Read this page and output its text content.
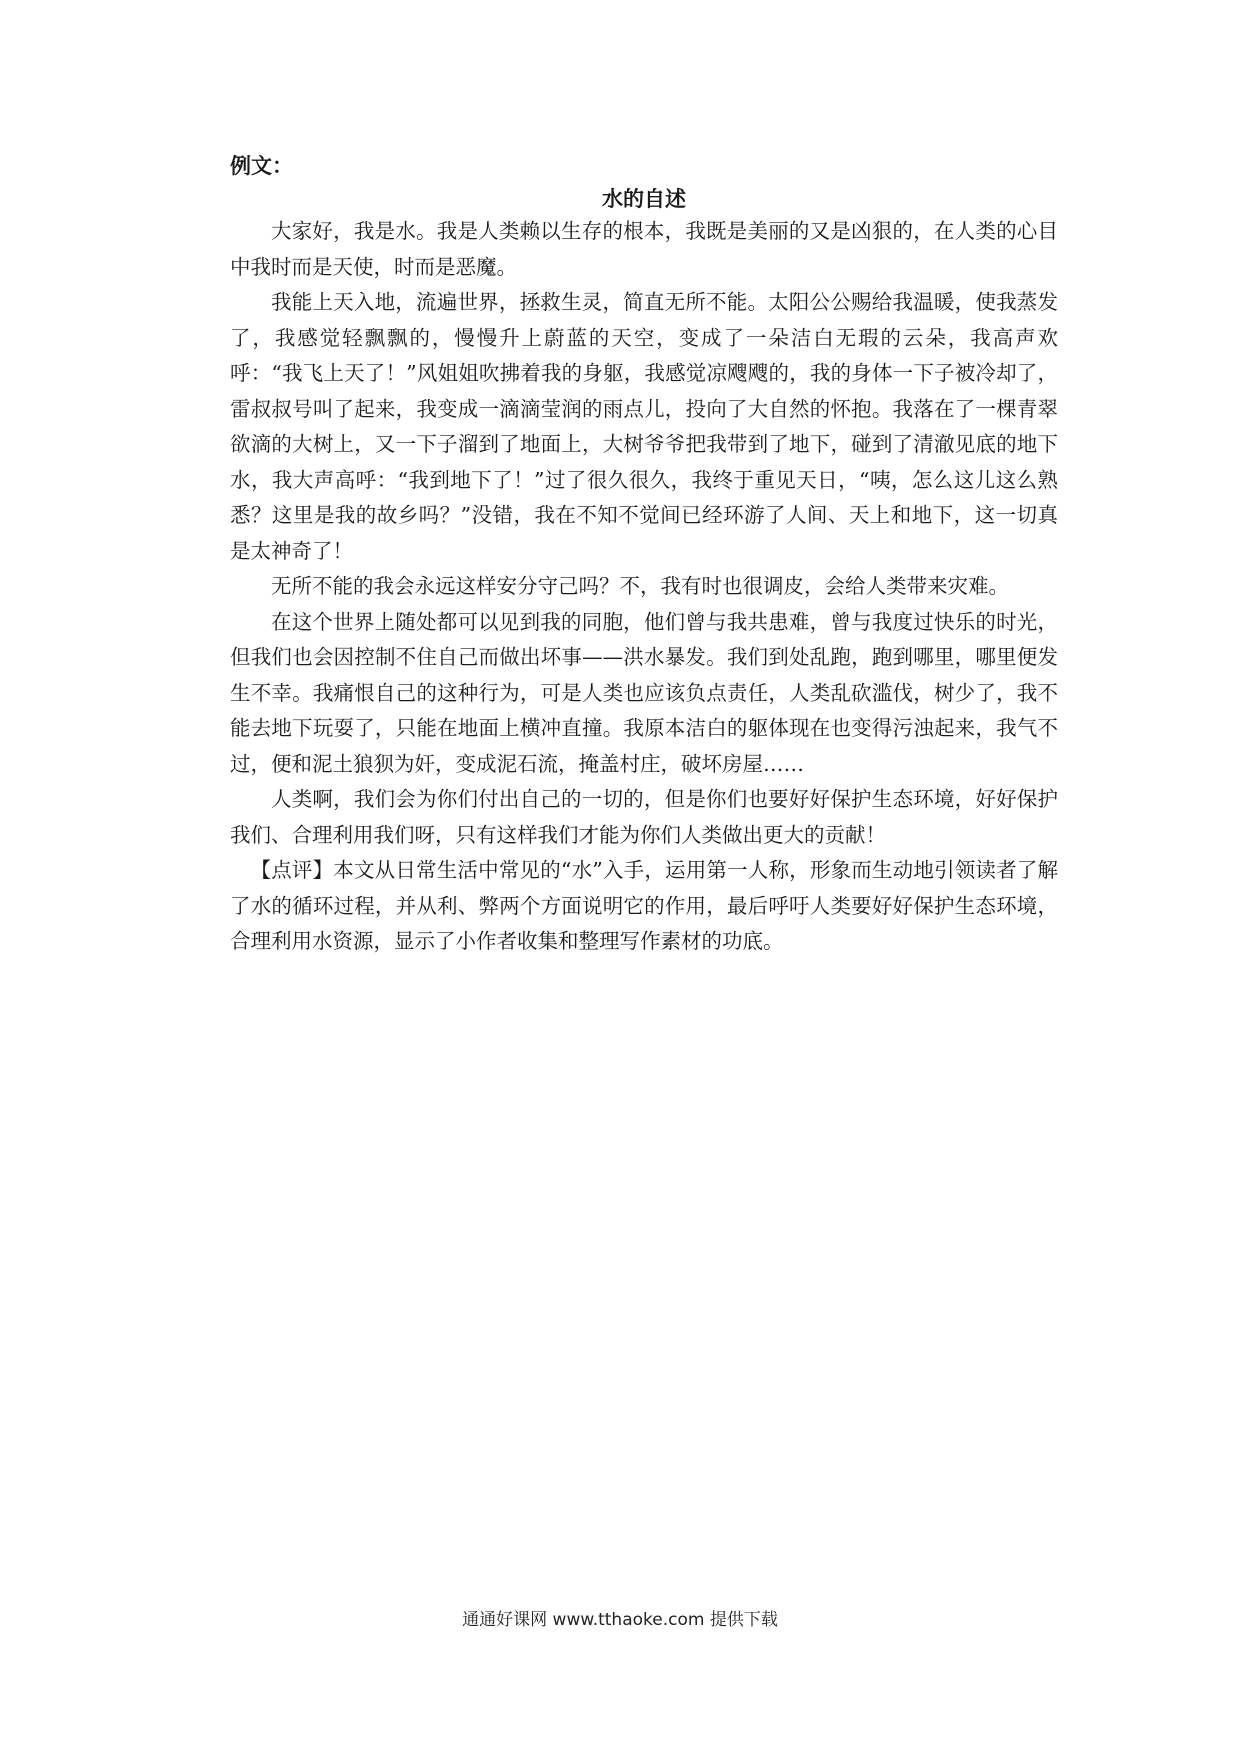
例文：
水的自述

大家好，我是水。我是人类赖以生存的根本，我既是美丽的又是凶狠的，在人类的心目中我时而是天使，时而是恶魔。

我能上天入地，流遍世界，拯救生灵，简直无所不能。太阳公公赐给我温暖，使我蒸发了，我感觉轻飘飘的，慢慢升上蔚蓝的天空，变成了一朵洁白无瑕的云朵，我高声欢呼：“我飞上天了！”风姐姐吹拂着我的身躯，我感觉凉飕飕的，我的身体一下子被冷却了，雷叔叔号叫了起来，我变成一滴滴莹润的雨点儿，投向了大自然的怀抱。我落在了一棵青翠欲滴的大树上，又一下子溜到了地面上，大树爷爷把我带到了地下，碰到了清澈见底的地下水，我大声高呼：“我到地下了！”过了很久很久，我终于重见天日，“咦，怎么这儿这么熟悉？这里是我的故乡吗？”没错，我在不知不觉间已经环游了人间、天上和地下，这一切真是太神奇了！

无所不能的我会永远这样安分守己吗？不，我有时也很调皮，会给人类带来灾难。

在这个世界上随处都可以见到我的同胞，他们曾与我共患难，曾与我度过快乐的时光，但我们也会因控制不住自己而做出坏事——洪水暴发。我们到处乱跑，跑到哪里，哪里便发生不幸。我痛恨自己的这种行为，可是人类也应该负点责任，人类乱砍滥伐，树少了，我不能去地下玩耍了，只能在地面上横冲直撞。我原本洁白的躯体现在也变得污浊起来，我气不过，便和泥土狼狈为奸，变成泥石流，掩盖村庄，破坏房屋……

人类啊，我们会为你们付出自己的一切的，但是你们也要好好保护生态环境，好好保护我们、合理利用我们呀，只有这样我们才能为你们人类做出更大的贡献！

【点评】本文从日常生活中常见的“水”入手，运用第一人称，形象而生动地引领读者了解了水的循环过程，并从利、弊两个方面说明它的作用，最后呼吁人类要好好保护生态环境，合理利用水资源，显示了小作者收集和整理写作素材的功底。

通通好课网 www.tthaoke.com 提供下载
